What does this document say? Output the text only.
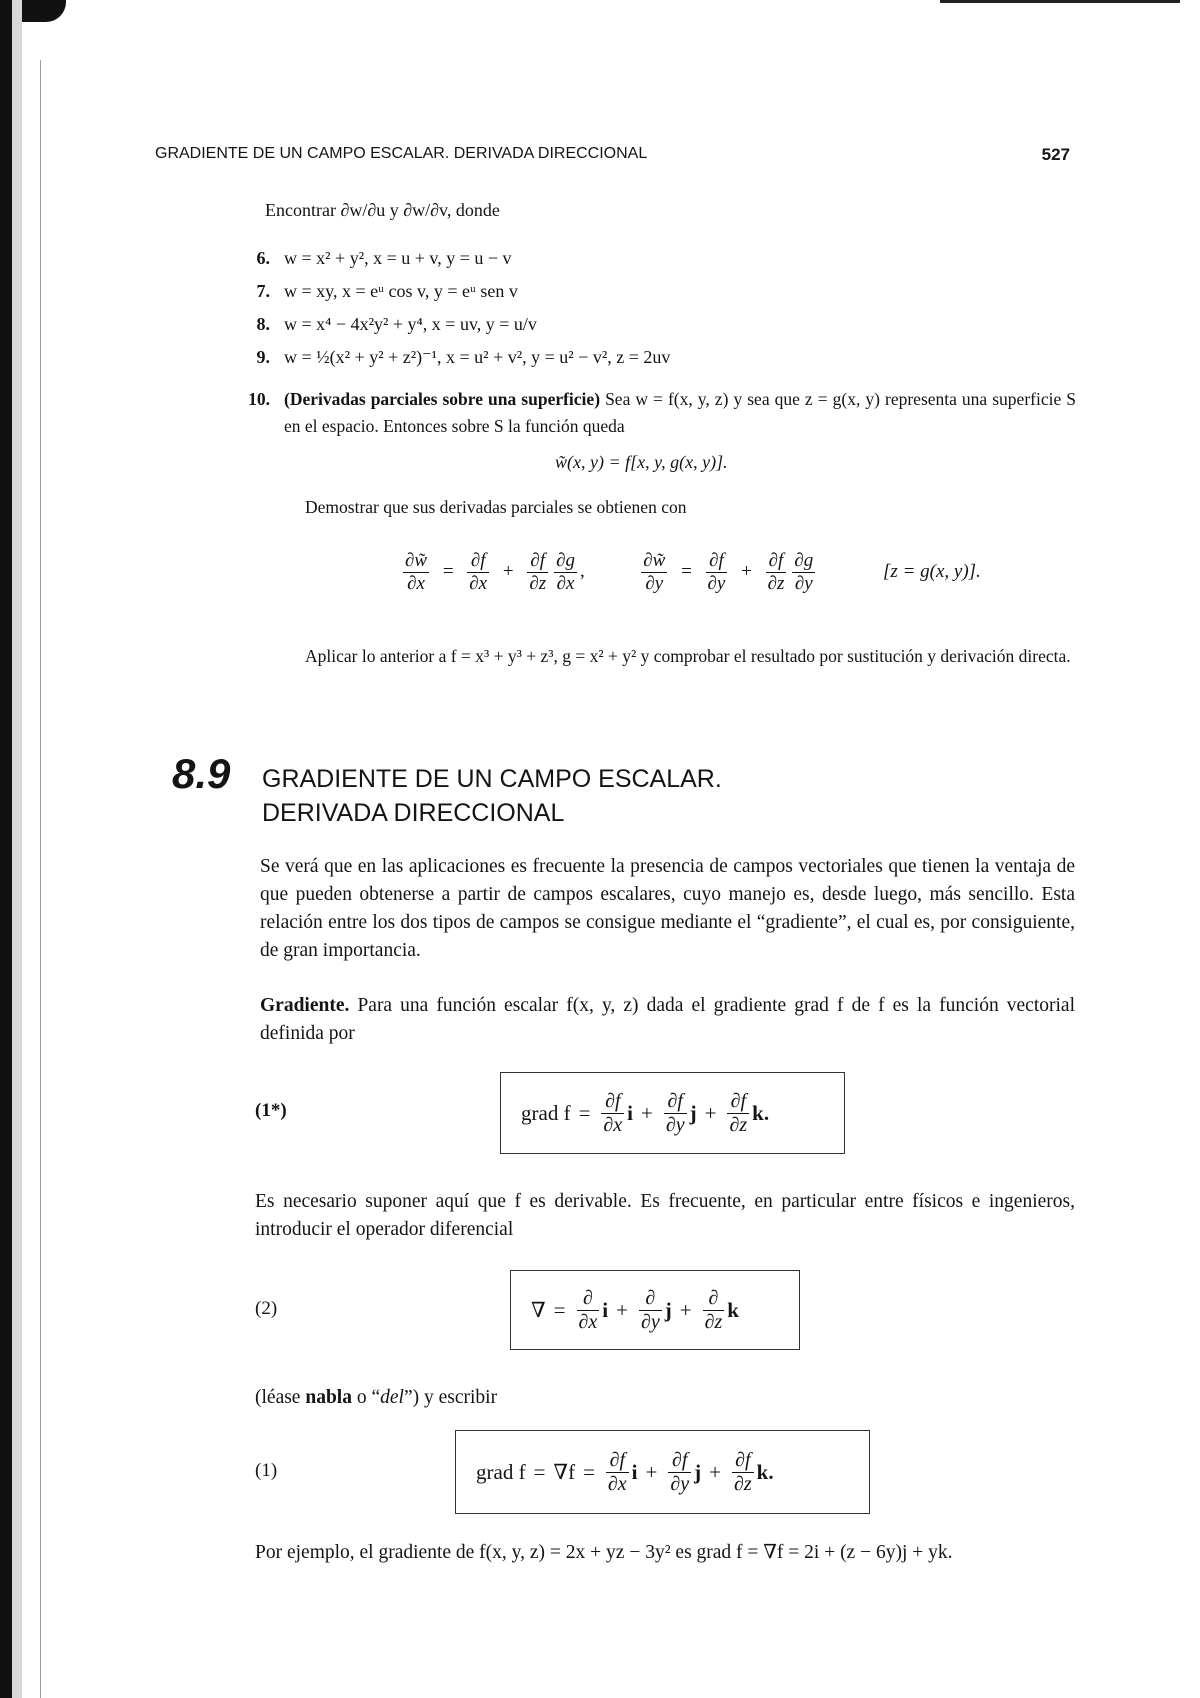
GRADIENTE DE UN CAMPO ESCALAR. DERIVADA DIRECCIONAL	527
Encontrar ∂w/∂u y ∂w/∂v, donde
6. w = x² + y², x = u + v, y = u − v
7. w = xy, x = eᵘ cos v, y = eᵘ sen v
8. w = x⁴ − 4x²y² + y⁴, x = uv, y = u/v
9. w = ½(x² + y² + z²)⁻¹, x = u² + v², y = u² − v², z = 2uv
10. (Derivadas parciales sobre una superficie) Sea w = f(x, y, z) y sea que z = g(x, y) representa una superficie S en el espacio. Entonces sobre S la función queda
w̃(x, y) = f[x, y, g(x, y)].
Demostrar que sus derivadas parciales se obtienen con
$\frac{\partial w̃}{\partial x} = \frac{\partial f}{\partial x} + \frac{\partial f}{\partial z} \frac{\partial g}{\partial x}$ ,	$\frac{\partial w̃}{\partial y} = \frac{\partial f}{\partial y} + \frac{\partial f}{\partial z} \frac{\partial g}{\partial y}$	[z = g(x, y)].
Aplicar lo anterior a f = x³ + y³ + z³, g = x² + y² y comprobar el resultado por sustitución y derivación directa.
8.9 GRADIENTE DE UN CAMPO ESCALAR.
DERIVADA DIRECCIONAL
Se verá que en las aplicaciones es frecuente la presencia de campos vectoriales que tienen la ventaja de que pueden obtenerse a partir de campos escalares, cuyo manejo es, desde luego, más sencillo. Esta relación entre los dos tipos de campos se consigue mediante el “gradiente”, el cual es, por consiguiente, de gran importancia.
Gradiente. Para una función escalar f(x, y, z) dada el gradiente grad f de f es la función vectorial definida por
(1*)	grad $f = \frac{\partial f}{\partial x}$ $i + \frac{\partial f}{\partial y}$ $j + \frac{\partial f}{\partial z} k$.
Es necesario suponer aquí que f es derivable. Es frecuente, en particular entre físicos e ingenieros, introducir el operador diferencial
(2)	∇ = $\frac{\partial}{\partial x}$ $i + \frac{\partial}{\partial y}$ $j + \frac{\partial}{\partial z}$ k
(léase nabla o “del”) y escribir
(1)	grad $f = \nabla f = \frac{\partial f}{\partial x}$ $i + \frac{\partial f}{\partial y}$ $j + \frac{\partial f}{\partial z} k$.
Por ejemplo, el gradiente de f(x, y, z) = 2x + yz − 3y² es grad f = ∇f = 2i + (z − 6y)j + yk.
